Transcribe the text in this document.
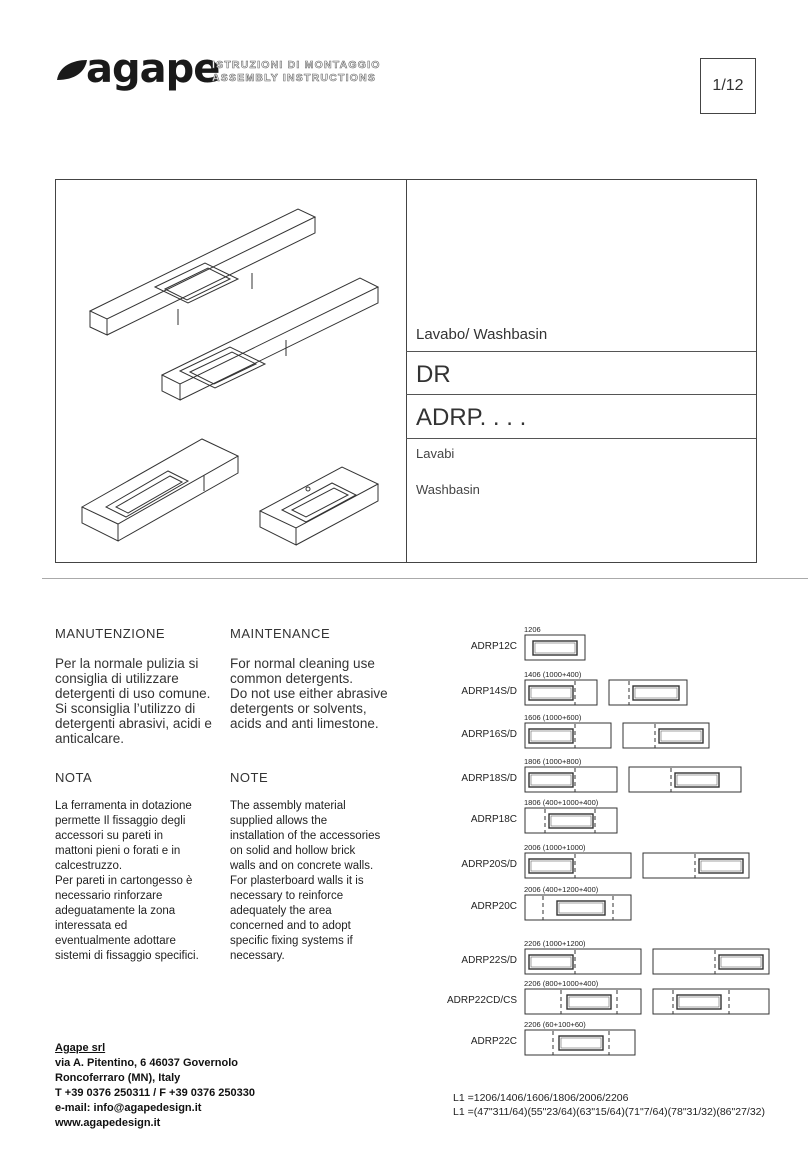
agape
ISTRUZIONI DI MONTAGGIO
ASSEMBLY INSTRUCTIONS	1/12
Lavabo/ Washbasin
DR
ADRP. . . .
Lavabi
Washbasin
MANUTENZIONE	MAINTENANCE
Per la normale pulizia si
consiglia di utilizzare
detergenti di uso comune.
Si sconsiglia l’utilizzo di
detergenti abrasivi, acidi e
anticalcare.
For normal cleaning use
common detergents.
Do not use either abrasive
detergents or solvents,
acids and anti limestone.
NOTA	NOTE
La ferramenta in dotazione
permette Il fissaggio degli
accessori su pareti in
mattoni pieni o forati e in
calcestruzzo.
Per pareti in cartongesso è
necessario rinforzare
adeguatamente la zona
interessata ed
eventualmente adottare
sistemi di fissaggio specifici.
The assembly material
supplied allows the
installation of the accessories
on solid and hollow brick
walls and on concrete walls.
For plasterboard walls it is
necessary to reinforce
adequately the area
concerned and to adopt
specific fixing systems if
necessary.
ADRP12C
1206
ADRP14S/D
1406 (1000+400)
ADRP16S/D
1606 (1000+600)
ADRP18S/D
1806 (1000+800)
ADRP18C
1806 (400+1000+400)
ADRP20S/D
2006 (1000+1000)
ADRP20C
2006 (400+1200+400)
ADRP22S/D
2206 (1000+1200)
ADRP22CD/CS
2206 (800+1000+400)
ADRP22C
2206 (60+100+60)
L1 =1206/1406/1606/1806/2006/2206
L1 =(47"311/64)(55"23/64)(63"15/64)(71"7/64)(78"31/32)(86"27/32)
Agape srl
via A. Pitentino, 6 46037 Governolo
Roncoferraro (MN), Italy
T +39 0376 250311 / F +39 0376 250330
e-mail: info@agapedesign.it
www.agapedesign.it
